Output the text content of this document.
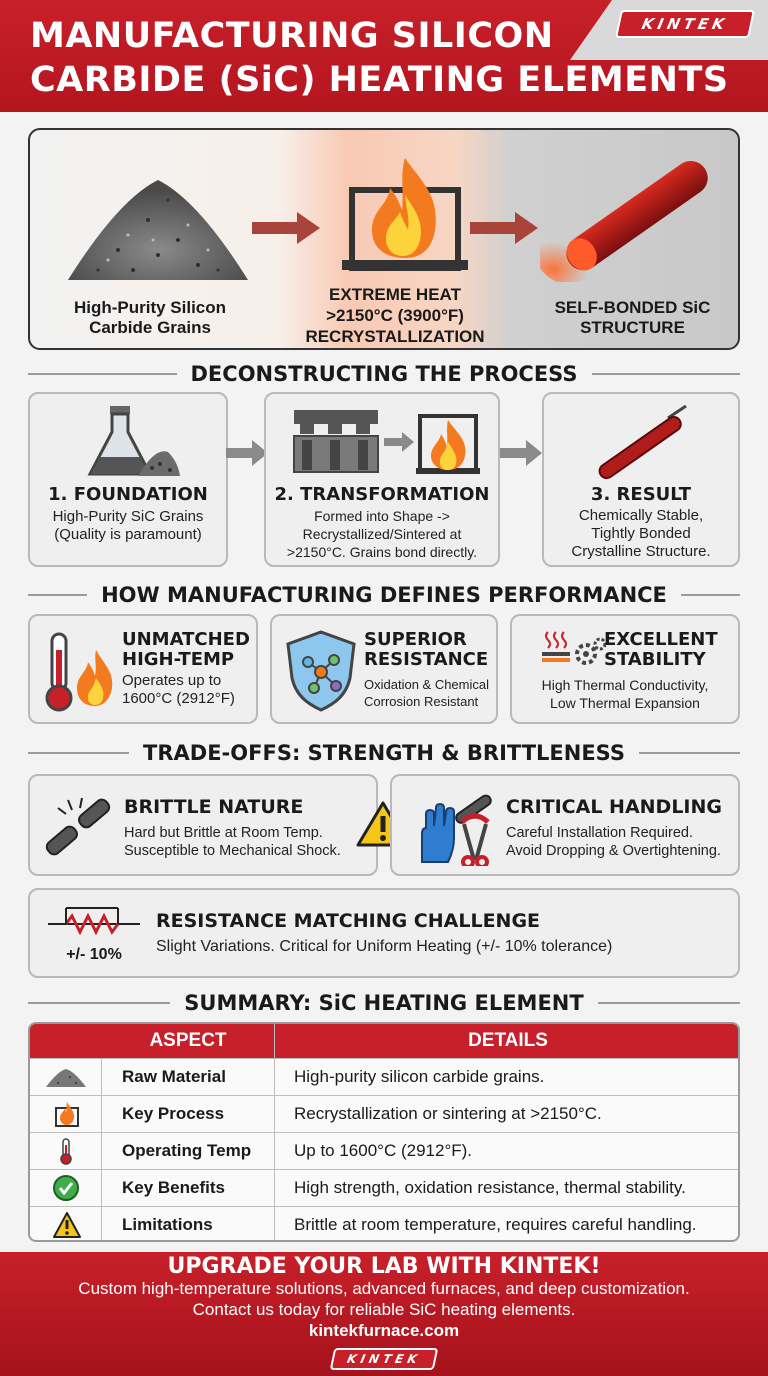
MANUFACTURING SILICON
CARBIDE (SiC) HEATING ELEMENTS
KINTEK
High-Purity Silicon
Carbide Grains
EXTREME HEAT
>2150°C (3900°F)
RECRYSTALLIZATION
SELF-BONDED SiC
STRUCTURE
DECONSTRUCTING THE PROCESS
1. FOUNDATION
High-Purity SiC Grains
(Quality is paramount)
2. TRANSFORMATION
Formed into Shape ->
Recrystallized/Sintered at
>2150°C. Grains bond directly.
3. RESULT
Chemically Stable,
Tightly Bonded
Crystalline Structure.
HOW MANUFACTURING DEFINES PERFORMANCE
UNMATCHED
HIGH-TEMP
Operates up to
1600°C (2912°F)
SUPERIOR
RESISTANCE
Oxidation & Chemical
Corrosion Resistant
EXCELLENT
STABILITY
High Thermal Conductivity,
Low Thermal Expansion
TRADE-OFFS: STRENGTH & BRITTLENESS
BRITTLE NATURE
Hard but Brittle at Room Temp.
Susceptible to Mechanical Shock.
CRITICAL HANDLING
Careful Installation Required.
Avoid Dropping & Overtightening.
+/- 10%
RESISTANCE MATCHING CHALLENGE
Slight Variations. Critical for Uniform Heating (+/- 10% tolerance)
SUMMARY: SiC HEATING ELEMENT
ASPECT	DETAILS
Raw Material	High-purity silicon carbide grains.
Key Process	Recrystallization or sintering at >2150°C.
Operating Temp	Up to 1600°C (2912°F).
Key Benefits	High strength, oxidation resistance, thermal stability.
Limitations	Brittle at room temperature, requires careful handling.
UPGRADE YOUR LAB WITH KINTEK!
Custom high-temperature solutions, advanced furnaces, and deep customization.
Contact us today for reliable SiC heating elements.
kintekfurnace.com
KINTEK
